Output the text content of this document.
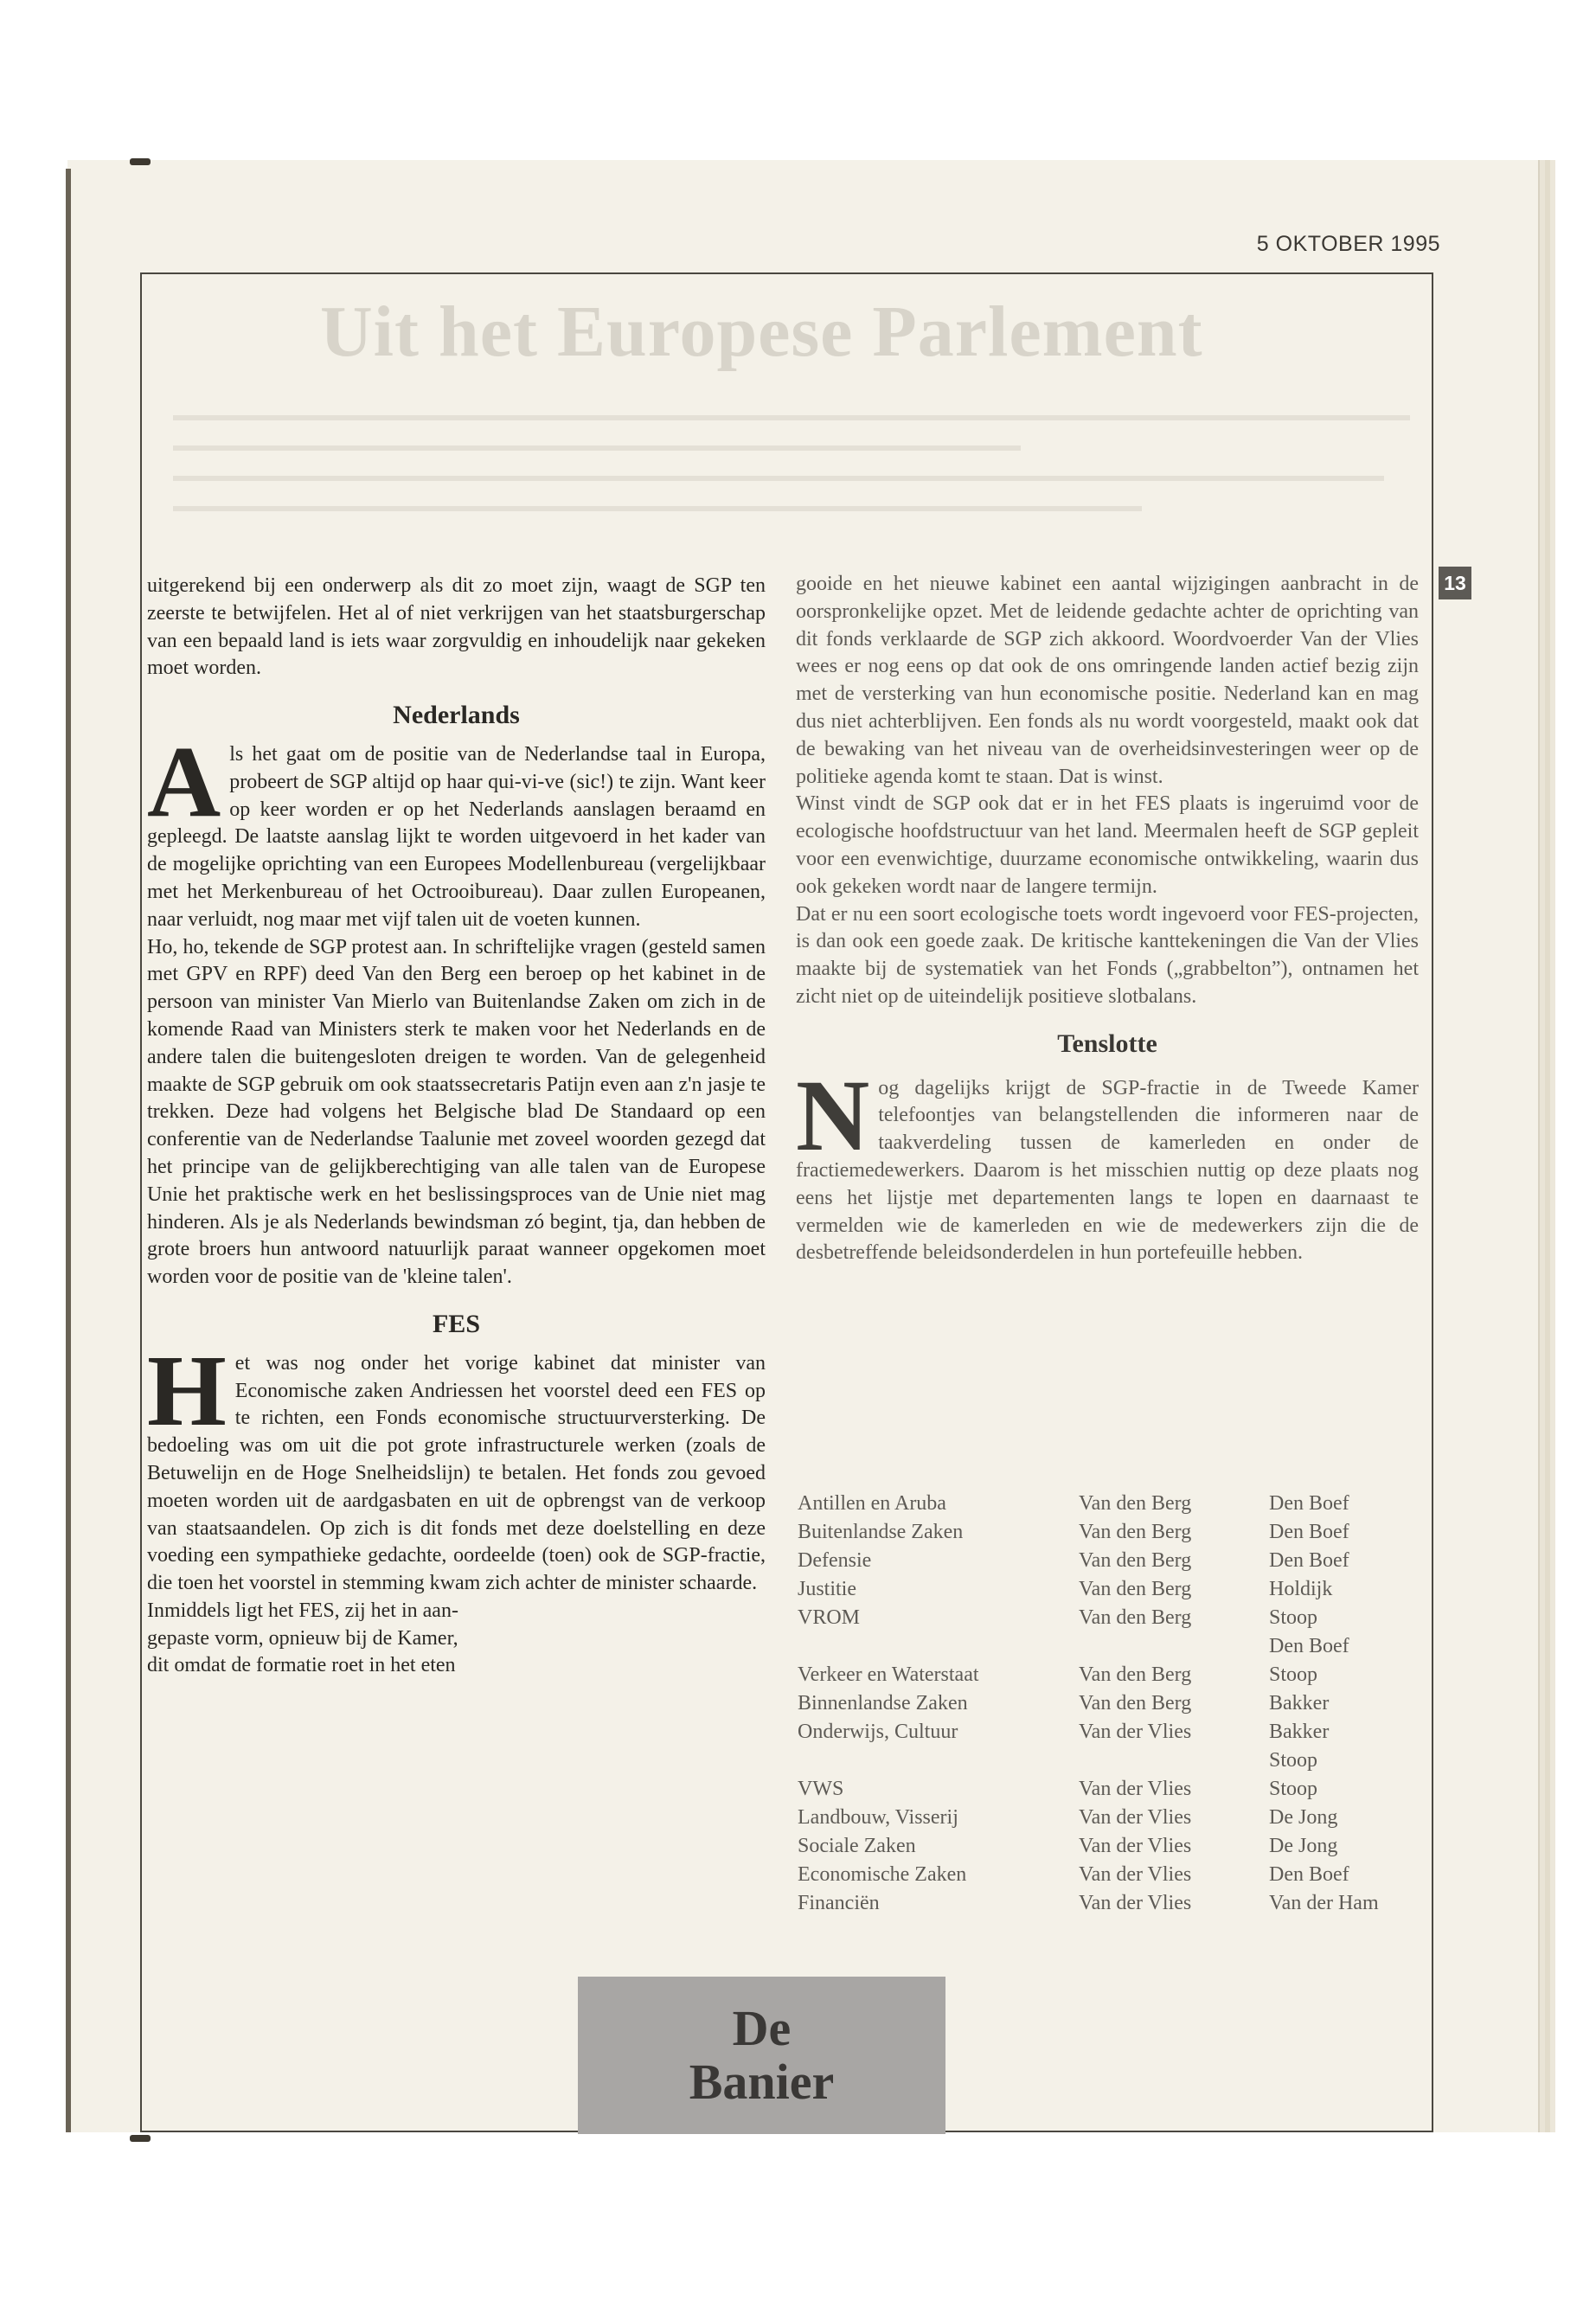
5 OKTOBER 1995
Uit het Europese Parlement
13

uitgerekend bij een onderwerp als dit zo moet zijn, waagt de SGP ten zeerste te betwijfelen. Het al of niet verkrijgen van het staatsburgerschap van een bepaald land is iets waar zorgvuldig en inhoudelijk naar gekeken moet worden.

Nederlands

Als het gaat om de positie van de Nederlandse taal in Europa, probeert de SGP altijd op haar qui-vi-ve (sic!) te zijn. Want keer op keer worden er op het Nederlands aanslagen beraamd en gepleegd. De laatste aanslag lijkt te worden uitgevoerd in het kader van de mogelijke oprichting van een Europees Modellenbureau (vergelijkbaar met het Merkenbureau of het Octrooibureau). Daar zullen Europeanen, naar verluidt, nog maar met vijf talen uit de voeten kunnen.

Ho, ho, tekende de SGP protest aan. In schriftelijke vragen (gesteld samen met GPV en RPF) deed Van den Berg een beroep op het kabinet in de persoon van minister Van Mierlo van Buitenlandse Zaken om zich in de komende Raad van Ministers sterk te maken voor het Nederlands en de andere talen die buitengesloten dreigen te worden. Van de gelegenheid maakte de SGP gebruik om ook staatssecretaris Patijn even aan z'n jasje te trekken. Deze had volgens het Belgische blad De Standaard op een conferentie van de Nederlandse Taalunie met zoveel woorden gezegd dat het principe van de gelijkberechtiging van alle talen van de Europese Unie het praktische werk en het beslissingsproces van de Unie niet mag hinderen. Als je als Nederlands bewindsman zó begint, tja, dan hebben de grote broers hun antwoord natuurlijk paraat wanneer opgekomen moet worden voor de positie van de 'kleine talen'.

FES

Het was nog onder het vorige kabinet dat minister van Economische zaken Andriessen het voorstel deed een FES op te richten, een Fonds economische structuurversterking. De bedoeling was om uit die pot grote infrastructurele werken (zoals de Betuwelijn en de Hoge Snelheidslijn) te betalen. Het fonds zou gevoed moeten worden uit de aardgasbaten en uit de opbrengst van de verkoop van staatsaandelen. Op zich is dit fonds met deze doelstelling en deze voeding een sympathieke gedachte, oordeelde (toen) ook de SGP-fractie, die toen het voorstel in stemming kwam zich achter de minister schaarde.

Inmiddels ligt het FES, zij het in aan-
gepaste vorm, opnieuw bij de Kamer,
dit omdat de formatie roet in het eten

gooide en het nieuwe kabinet een aantal wijzigingen aanbracht in de oorspronkelijke opzet. Met de leidende gedachte achter de oprichting van dit fonds verklaarde de SGP zich akkoord. Woordvoerder Van der Vlies wees er nog eens op dat ook de ons omringende landen actief bezig zijn met de versterking van hun economische positie. Nederland kan en mag dus niet achterblijven. Een fonds als nu wordt voorgesteld, maakt ook dat de bewaking van het niveau van de overheidsinvesteringen weer op de politieke agenda komt te staan. Dat is winst.

Winst vindt de SGP ook dat er in het FES plaats is ingeruimd voor de ecologische hoofdstructuur van het land. Meermalen heeft de SGP gepleit voor een evenwichtige, duurzame economische ontwikkeling, waarin dus ook gekeken wordt naar de langere termijn.

Dat er nu een soort ecologische toets wordt ingevoerd voor FES-projecten, is dan ook een goede zaak. De kritische kanttekeningen die Van der Vlies maakte bij de systematiek van het Fonds („grabbelton”), ontnamen het zicht niet op de uiteindelijk positieve slotbalans.

Tenslotte

Nog dagelijks krijgt de SGP-fractie in de Tweede Kamer telefoontjes van belangstellenden die informeren naar de taakverdeling tussen de kamerleden en onder de fractiemedewerkers. Daarom is het misschien nuttig op deze plaats nog eens het lijstje met departementen langs te lopen en daarnaast te vermelden wie de kamerleden en wie de medewerkers zijn die de desbetreffende beleidsonderdelen in hun portefeuille hebben.

Antillen en Aruba	Van den Berg	Den Boef
Buitenlandse Zaken	Van den Berg	Den Boef
Defensie	Van den Berg	Den Boef
Justitie	Van den Berg	Holdijk
VROM	Van den Berg	Stoop
Den Boef
Verkeer en Waterstaat	Van den Berg	Stoop
Binnenlandse Zaken	Van den Berg	Bakker
Onderwijs, Cultuur	Van der Vlies	Bakker
Stoop
VWS	Van der Vlies	Stoop
Landbouw, Visserij	Van der Vlies	De Jong
Sociale Zaken	Van der Vlies	De Jong
Economische Zaken	Van der Vlies	Den Boef
Financiën	Van der Vlies	Van der Ham
De
Banier
